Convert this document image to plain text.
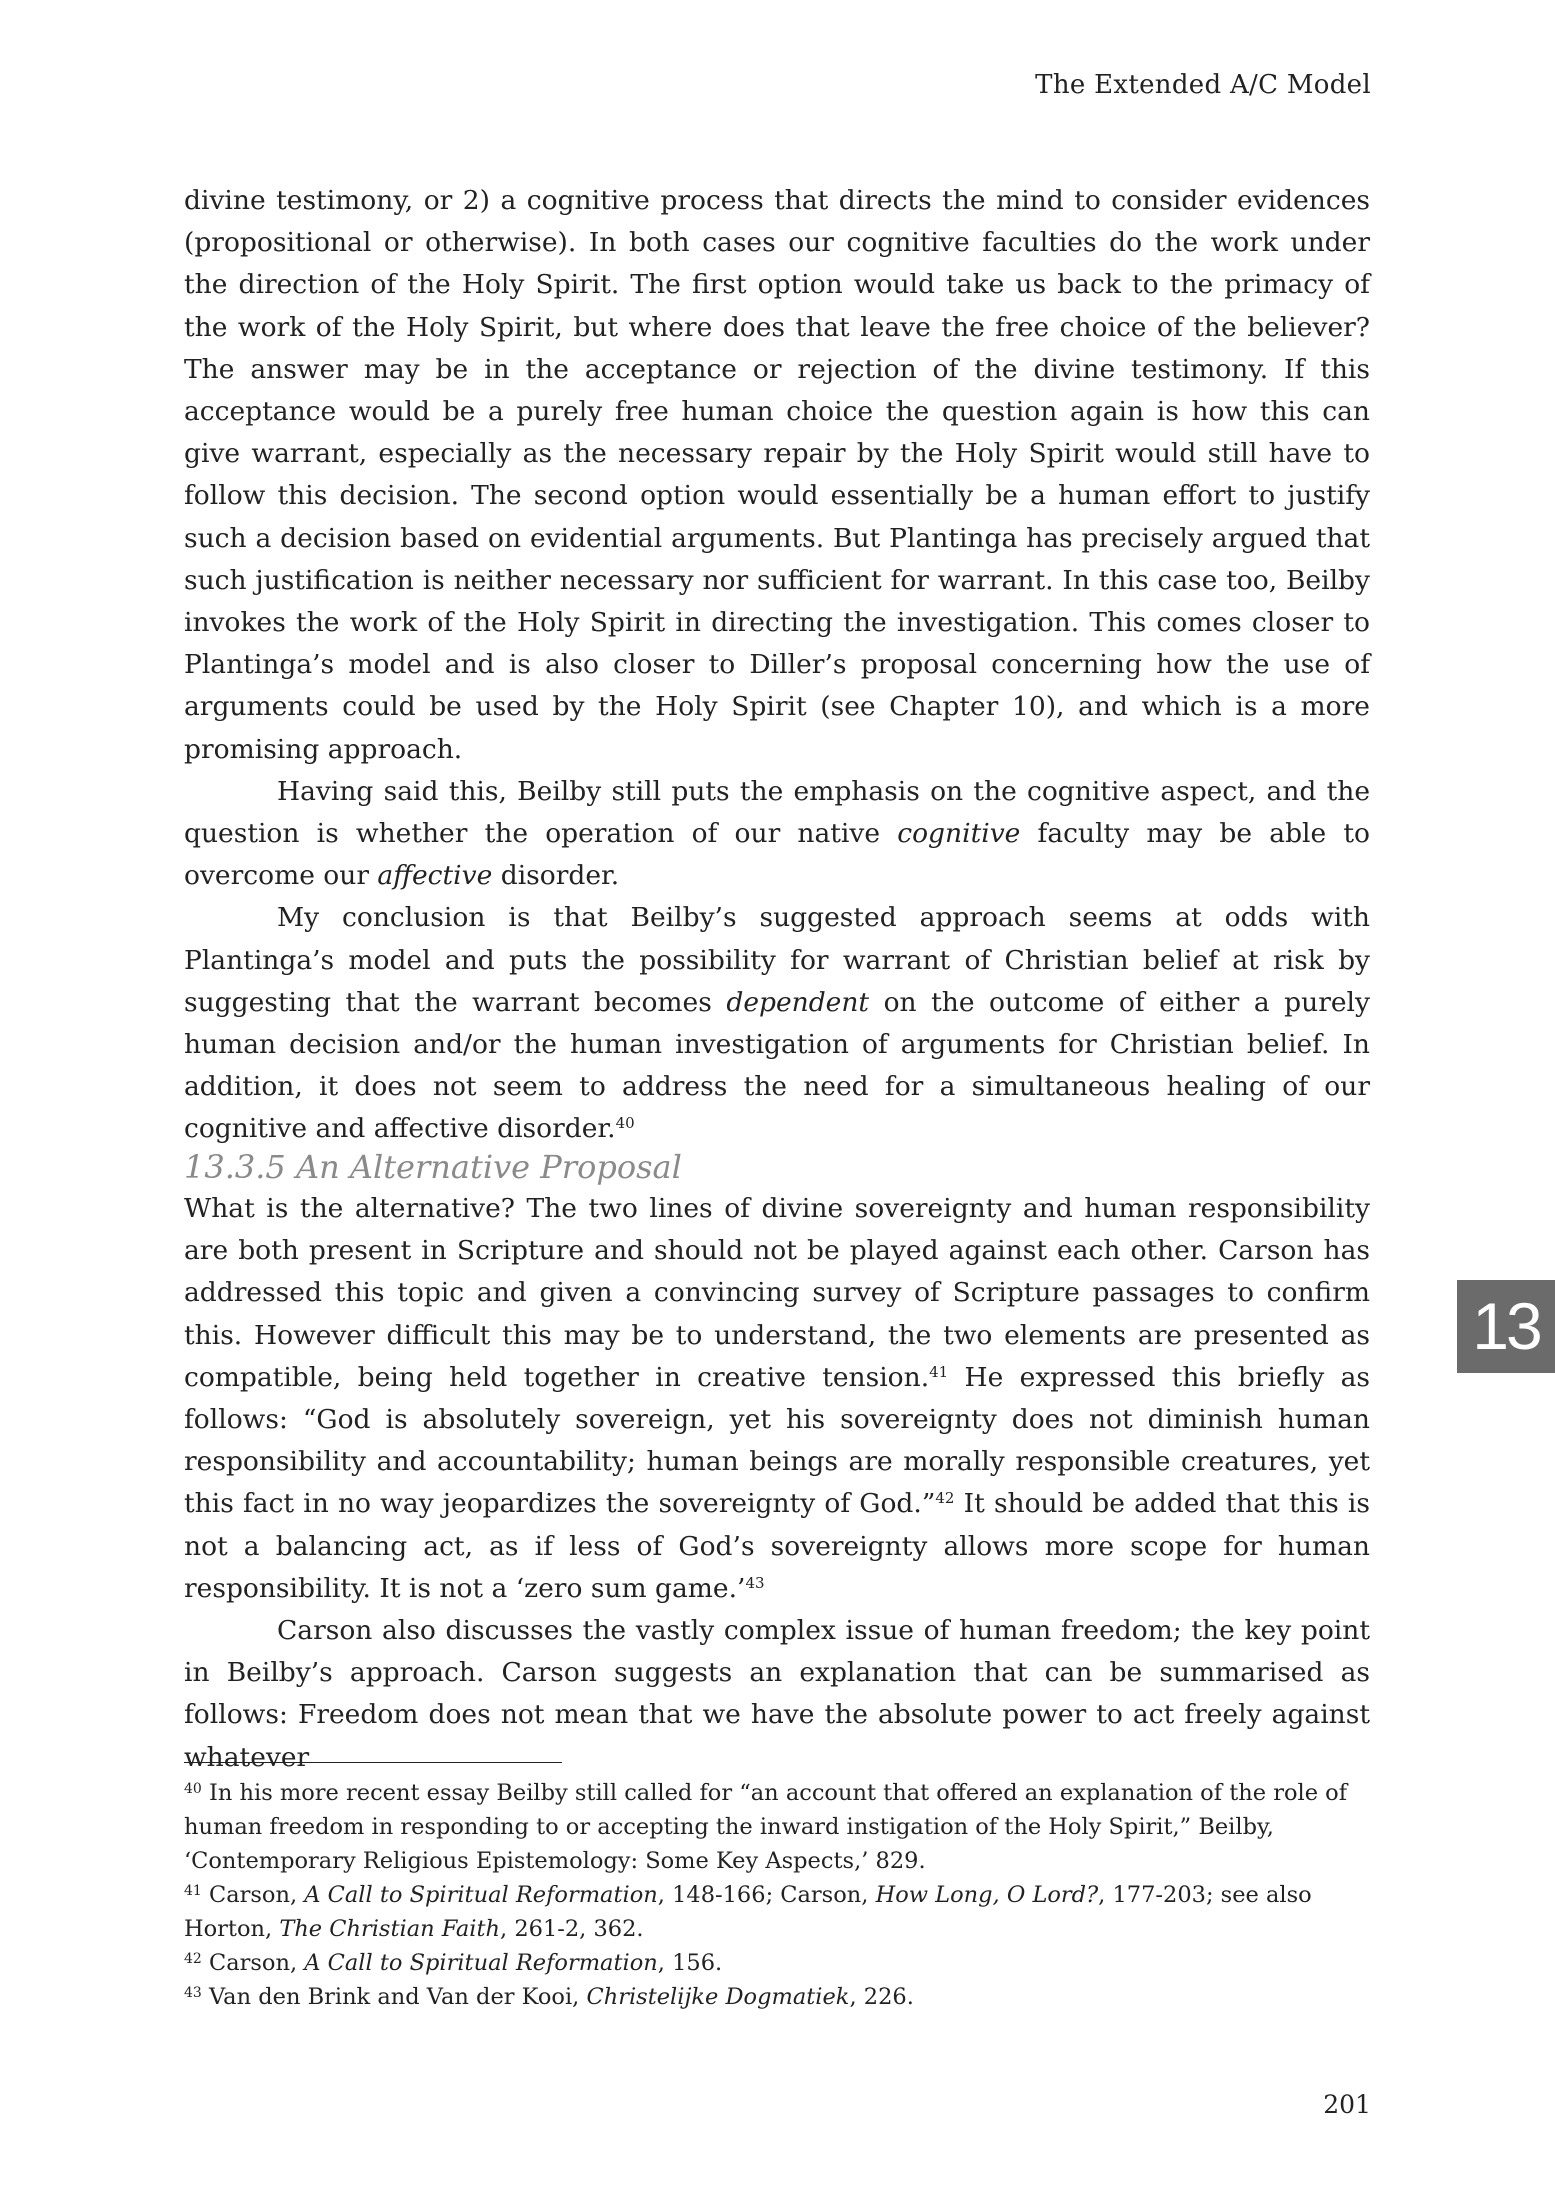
The Extended A/C Model

divine testimony, or 2) a cognitive process that directs the mind to consider evidences (propositional or otherwise). In both cases our cognitive faculties do the work under the direction of the Holy Spirit. The first option would take us back to the primacy of the work of the Holy Spirit, but where does that leave the free choice of the believer? The answer may be in the acceptance or rejection of the divine testimony. If this acceptance would be a purely free human choice the question again is how this can give warrant, especially as the necessary repair by the Holy Spirit would still have to follow this decision. The second option would essentially be a human effort to justify such a decision based on evidential arguments. But Plantinga has precisely argued that such justification is neither necessary nor sufficient for warrant. In this case too, Beilby invokes the work of the Holy Spirit in directing the investigation. This comes closer to Plantinga’s model and is also closer to Diller’s proposal concerning how the use of arguments could be used by the Holy Spirit (see Chapter 10), and which is a more promising approach.

Having said this, Beilby still puts the emphasis on the cognitive aspect, and the question is whether the operation of our native cognitive faculty may be able to overcome our affective disorder.

My conclusion is that Beilby’s suggested approach seems at odds with Plantinga’s model and puts the possibility for warrant of Christian belief at risk by suggesting that the warrant becomes dependent on the outcome of either a purely human decision and/or the human investigation of arguments for Christian belief. In addition, it does not seem to address the need for a simultaneous healing of our cognitive and affective disorder.$^{40}$

13.3.5 An Alternative Proposal

What is the alternative? The two lines of divine sovereignty and human responsibility are both present in Scripture and should not be played against each other. Carson has addressed this topic and given a convincing survey of Scripture passages to confirm this. However difficult this may be to understand, the two elements are presented as compatible, being held together in creative tension.$^{41}$ He expressed this briefly as follows: “God is absolutely sovereign, yet his sovereignty does not diminish human responsibility and accountability; human beings are morally responsible creatures, yet this fact in no way jeopardizes the sovereignty of God.”$^{42}$ It should be added that this is not a balancing act, as if less of God’s sovereignty allows more scope for human responsibility. It is not a ‘zero sum game.’$^{43}$

Carson also discusses the vastly complex issue of human freedom; the key point in Beilby’s approach. Carson suggests an explanation that can be summarised as follows: Freedom does not mean that we have the absolute power to act freely against whatever

13

$^{40}$ In his more recent essay Beilby still called for “an account that offered an explanation of the role of human freedom in responding to or accepting the inward instigation of the Holy Spirit,” Beilby, ‘Contemporary Religious Epistemology: Some Key Aspects,’ 829.

$^{41}$ Carson, A Call to Spiritual Reformation, 148-166; Carson, How Long, O Lord?, 177-203; see also Horton, The Christian Faith, 261-2, 362.

$^{42}$ Carson, A Call to Spiritual Reformation, 156.

$^{43}$ Van den Brink and Van der Kooi, Christelijke Dogmatiek, 226.

201
